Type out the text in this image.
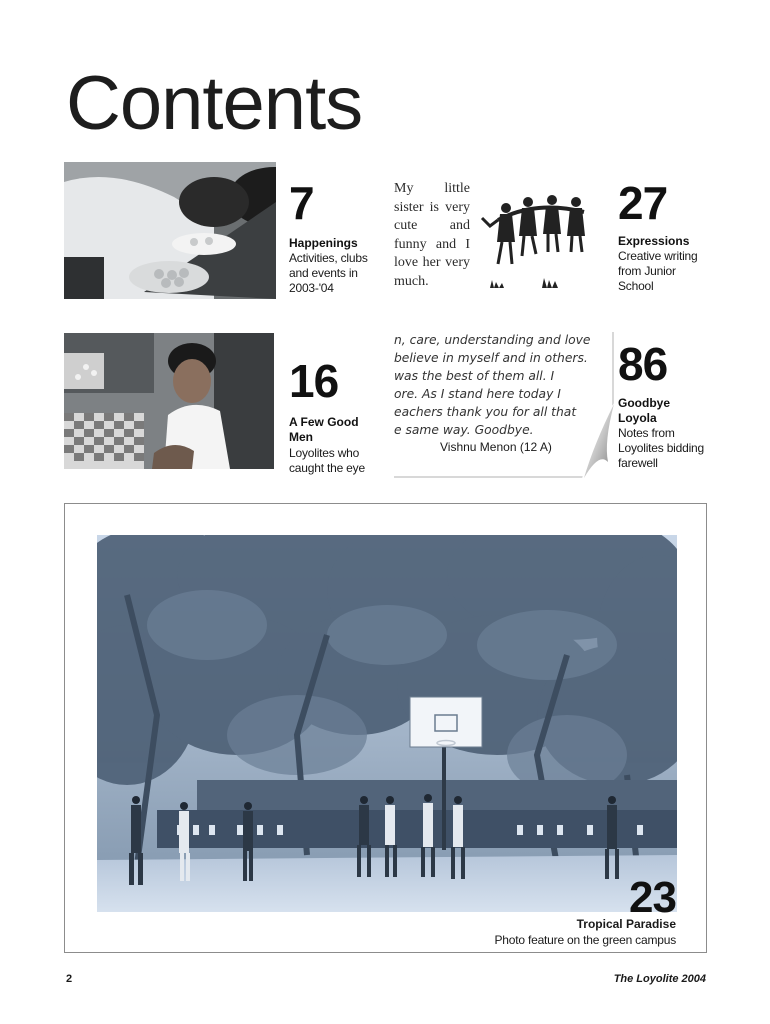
Contents
7
Happenings
Activities, clubs and events in 2003-'04
My little sister is very cute and funny and I love her very much.
27
Expressions
Creative writing from Junior School
16
A Few Good Men
Loyolites who caught the eye
n, care, understanding and love
believe in myself and in others.
was the best of them all. I
ore. As I stand here today I
eachers thank you for all that
e same way. Goodbye.
Vishnu Menon (12 A)
86
Goodbye Loyola
Notes from Loyolites bidding farewell
23
Tropical Paradise
Photo feature on the green campus
2	The Loyolite 2004
